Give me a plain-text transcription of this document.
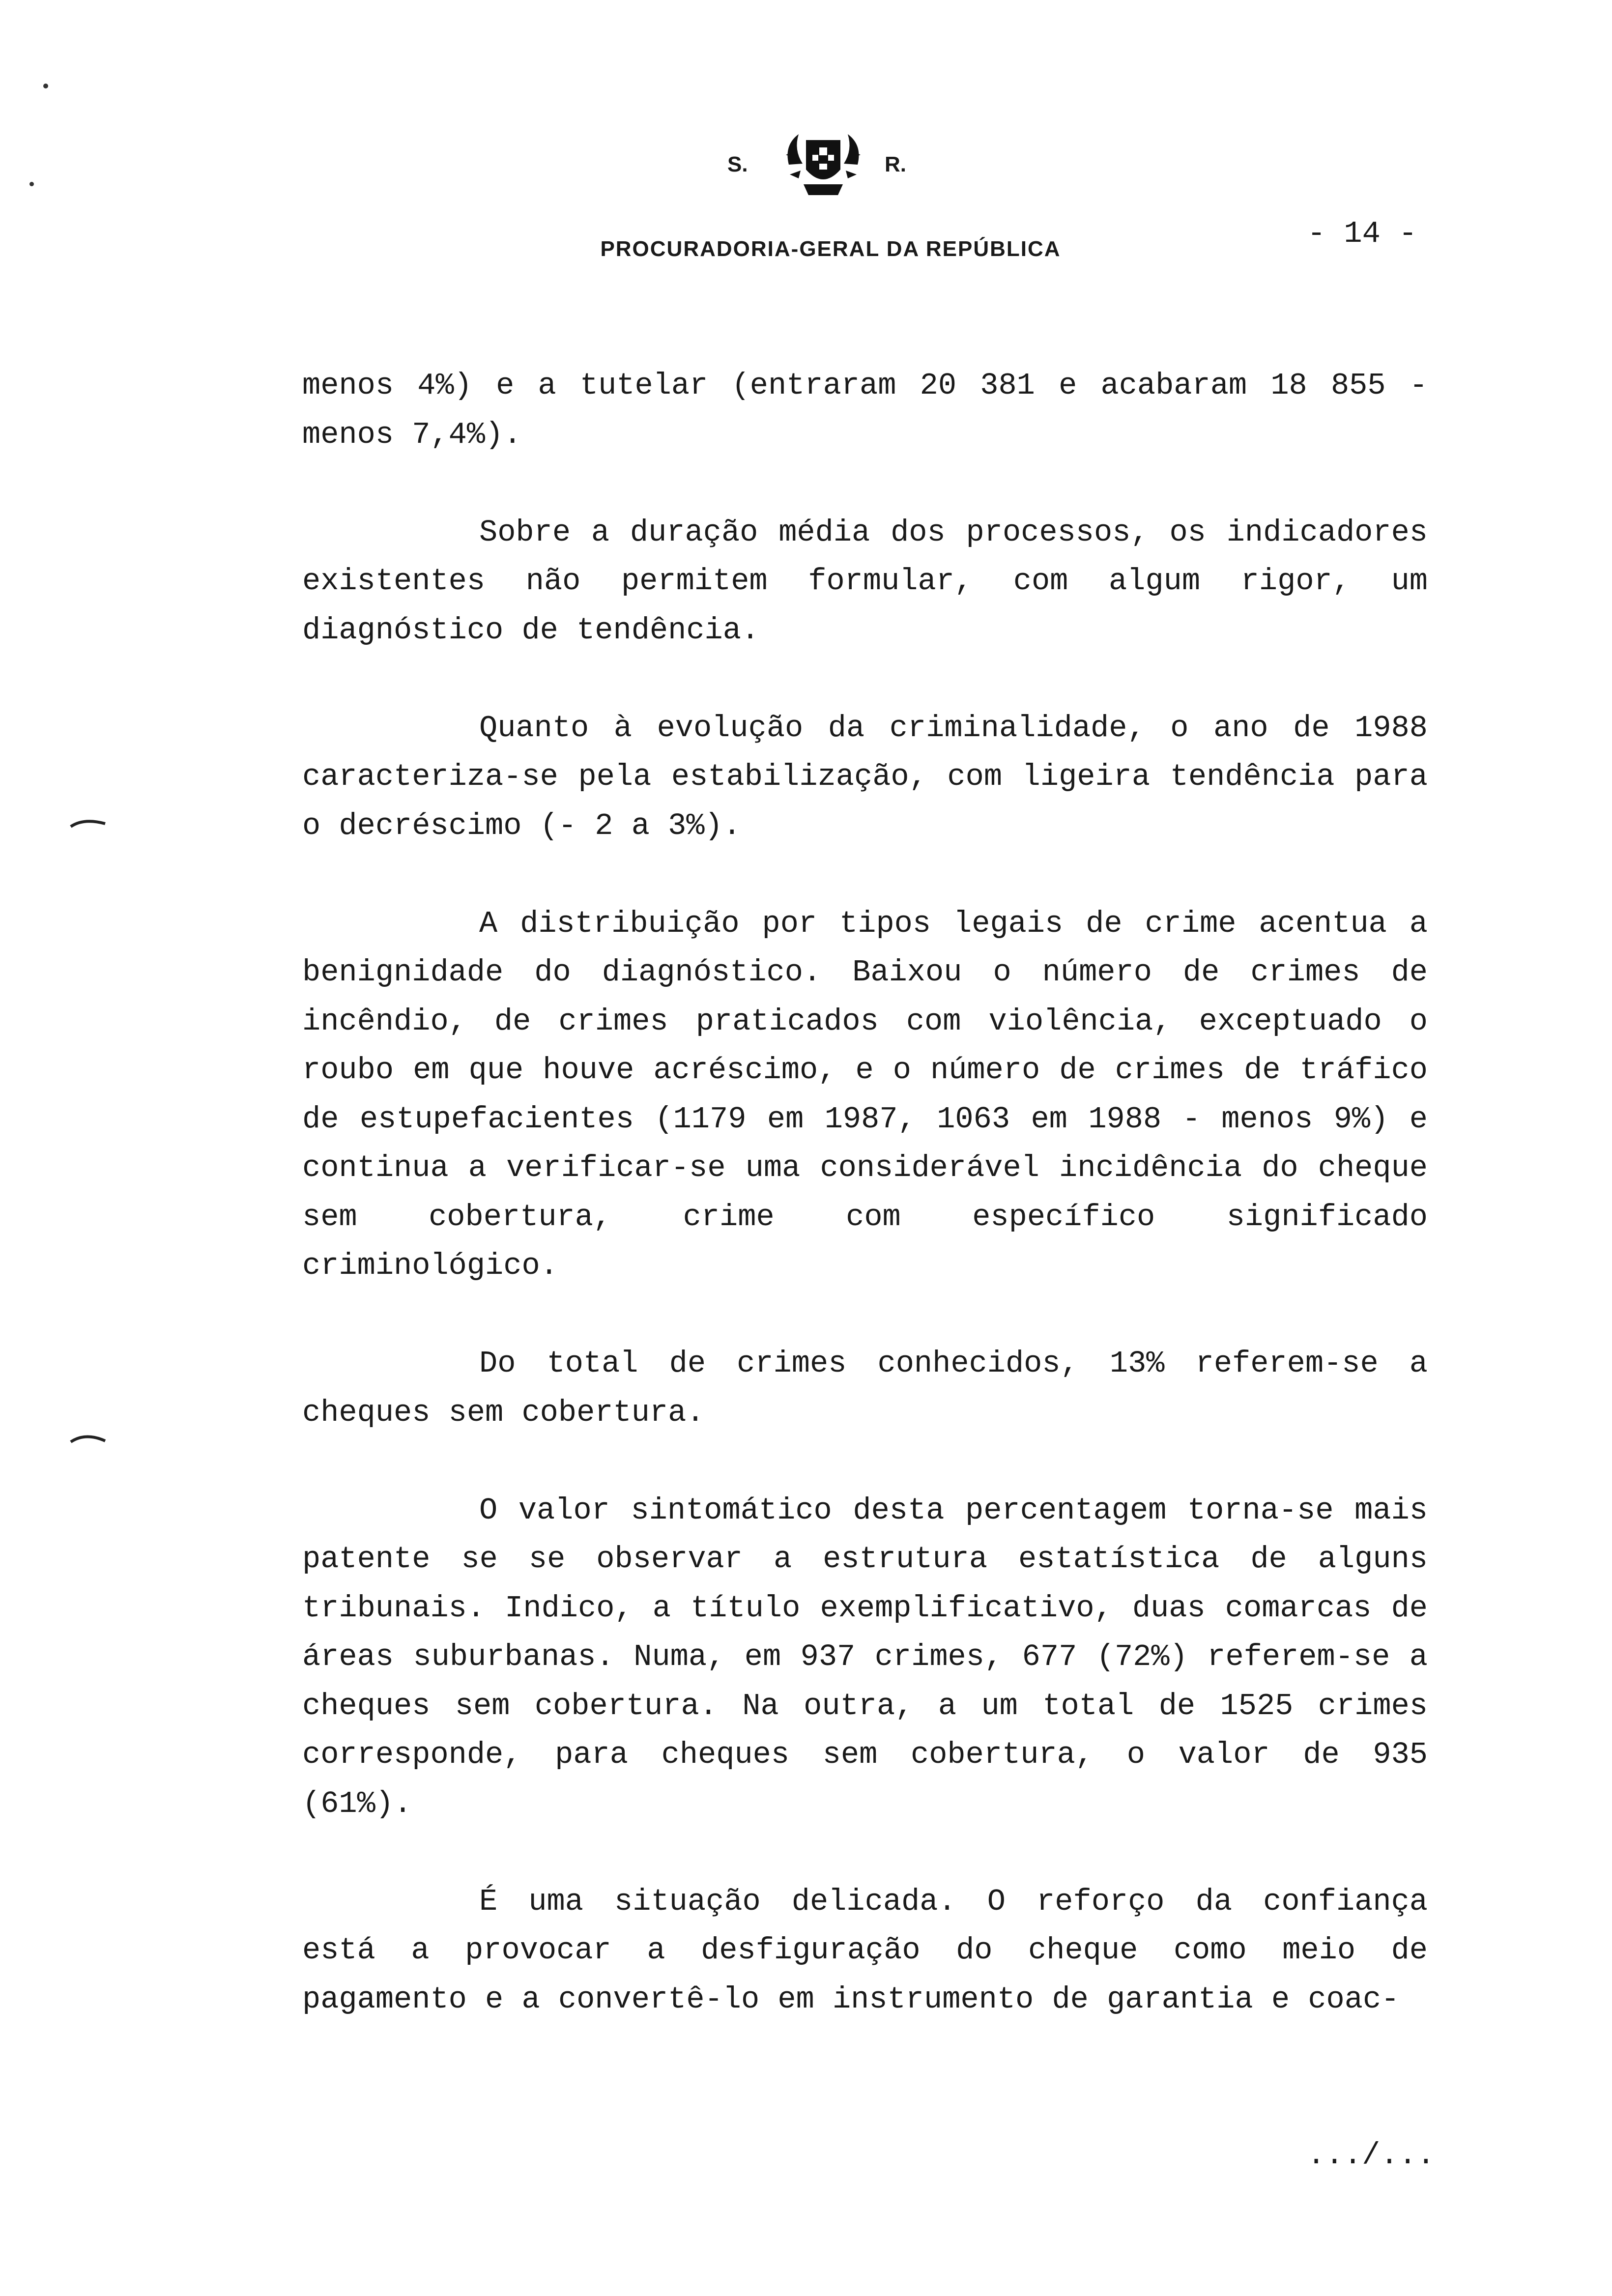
S.	R.
PROCURADORIA-GERAL DA REPÚBLICA	- 14 -

menos 4%) e a tutelar (entraram 20 381 e acabaram 18 855 - menos 7,4%).

Sobre a duração média dos processos, os indicadores existentes não permitem formular, com algum rigor, um diagnóstico de tendência.

Quanto à evolução da criminalidade, o ano de 1988 caracteriza-se pela estabilização, com ligeira tendência para o decréscimo (- 2 a 3%).

A distribuição por tipos legais de crime acentua a benignidade do diagnóstico. Baixou o número de crimes de incêndio, de crimes praticados com violência, exceptuado o roubo em que houve acréscimo, e o número de crimes de tráfico de estupefacientes (1179 em 1987, 1063 em 1988 - menos 9%) e continua a verificar-se uma considerável incidência do cheque sem cobertura, crime com específico significado criminológico.

Do total de crimes conhecidos, 13% referem-se a cheques sem cobertura.

O valor sintomático desta percentagem torna-se mais patente se se observar a estrutura estatística de alguns tribunais. Indico, a título exemplificativo, duas comarcas de áreas suburbanas. Numa, em 937 crimes, 677 (72%) referem-se a cheques sem cobertura. Na outra, a um total de 1525 crimes corresponde, para cheques sem cobertura, o valor de 935 (61%).

É uma situação delicada. O reforço da confiança está a provocar a desfiguração do cheque como meio de pagamento e a convertê-lo em instrumento de garantia e coac-

.../...
